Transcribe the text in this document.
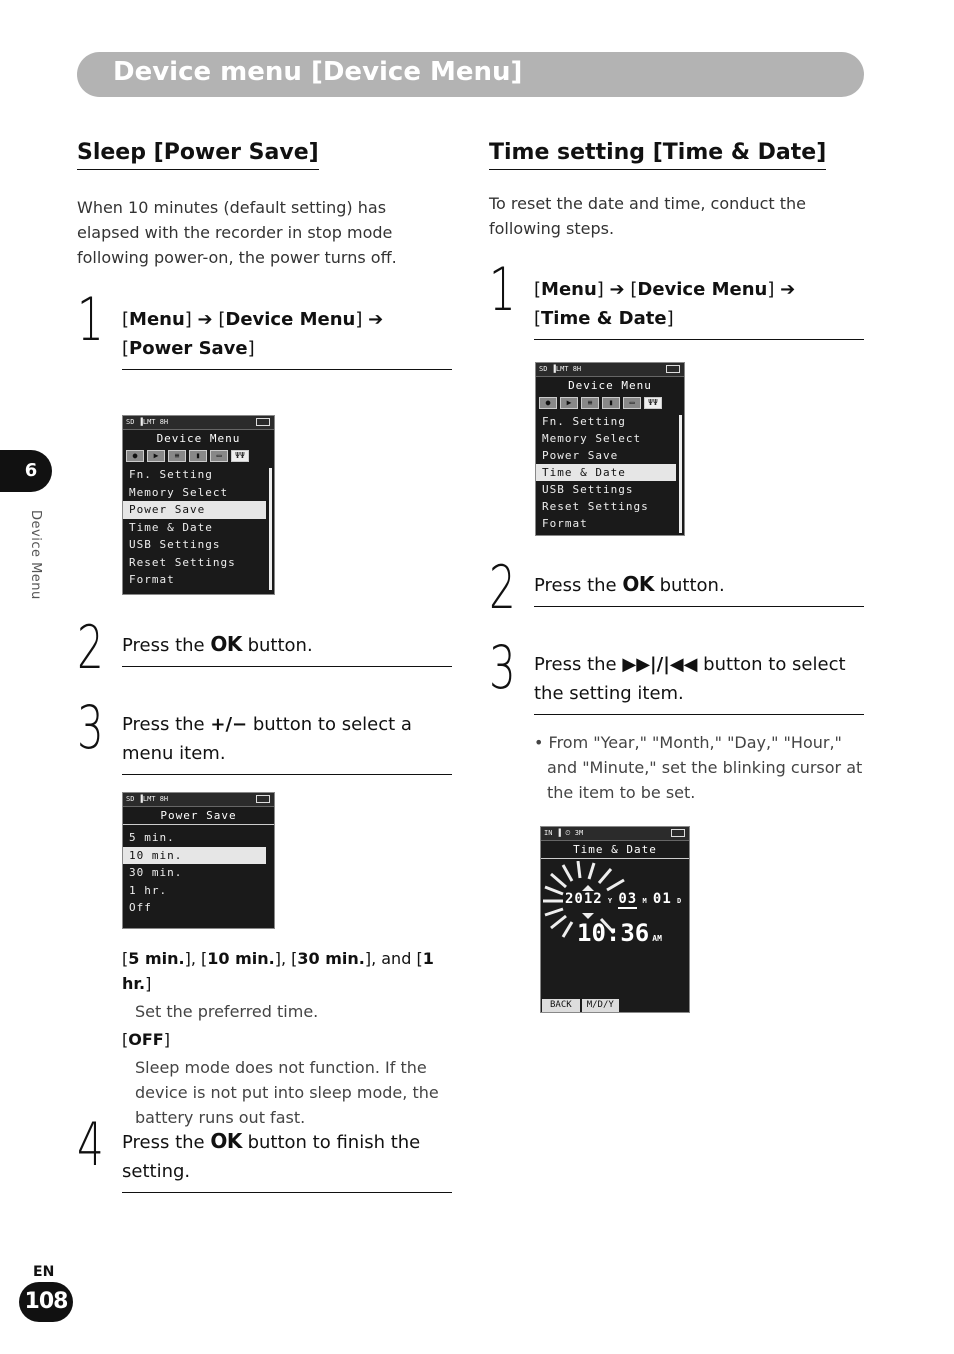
Device menu [Device Menu]
Sleep [Power Save]
When 10 minutes (default setting) has elapsed with the recorder in stop mode following power-on, the power turns off.
1 [Menu] ➔ [Device Menu] ➔
[Power Save]
SD ▐LMT 8H
Device Menu
●	▶	≡	▮	▭	ΨΨ
Fn. Setting
Memory Select
Power Save
Time & Date
USB Settings
Reset Settings
Format
2 Press the OK button.
3 Press the +/− button to select a menu item.
SD ▐LMT 8H
Power Save
5 min.
10 min.
30 min.
1 hr.
Off
[5 min.], [10 min.], [30 min.], and [1 hr.]
Set the preferred time.
[OFF]
Sleep mode does not function. If the device is not put into sleep mode, the battery runs out fast.
4 Press the OK button to finish the setting.
Time setting [Time & Date]
To reset the date and time, conduct the following steps.
1 [Menu] ➔ [Device Menu] ➔
[Time & Date]
SD ▐LMT 8H
Device Menu
●	▶	≡	▮	▭	ΨΨ
Fn. Setting
Memory Select
Power Save
Time & Date
USB Settings
Reset Settings
Format
2 Press the OK button.
3 Press the ▶▶|/|◀◀ button to select the setting item.
• From "Year," "Month," "Day," "Hour," and "Minute," set the blinking cursor at the item to be set.
IN ▐ ⏲ 3M
Time & Date
2012 Y 03 M 01 D
10:36 AM
BACK	M/D/Y
6
Device Menu
EN
108
